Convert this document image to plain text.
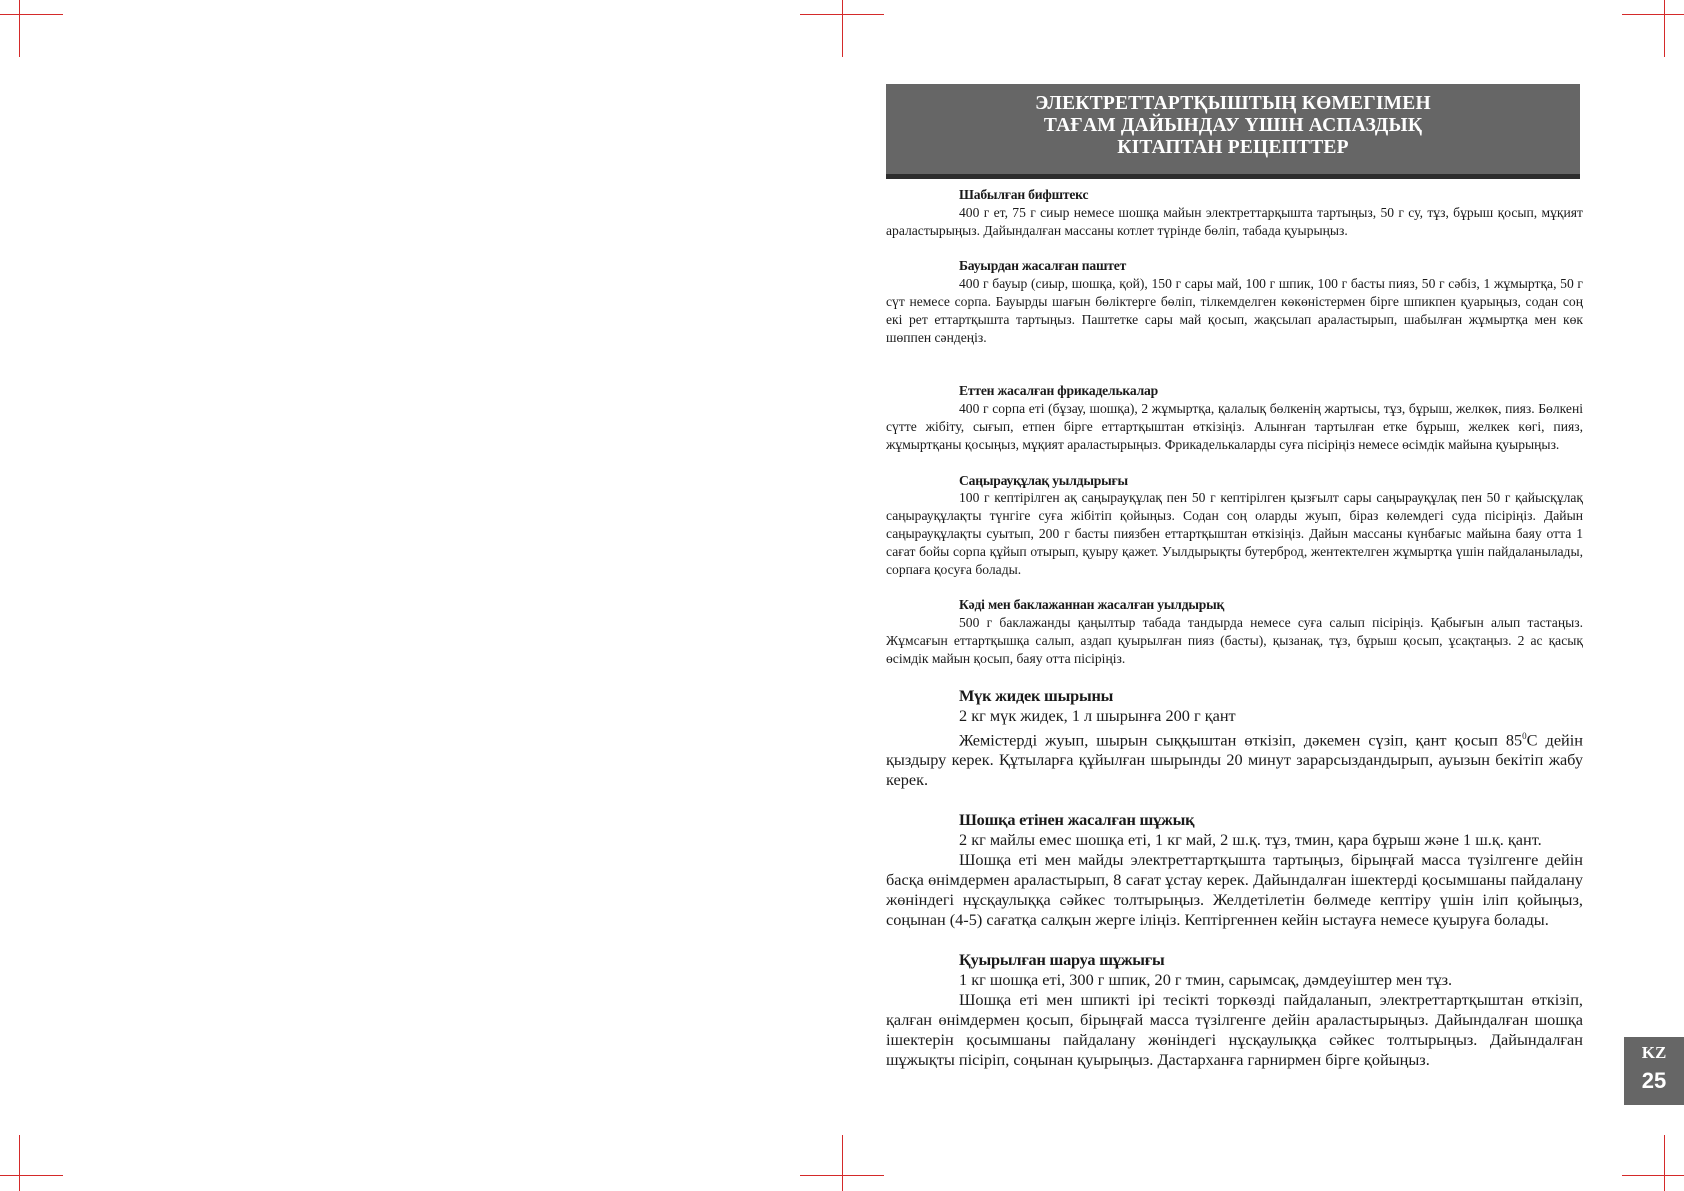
ЭЛЕКТРЕТТАРТҚЫШТЫҢ КӨМЕГІМЕН
ТАҒАМ ДАЙЫНДАУ ҮШІН АСПАЗДЫҚ
КІТАПТАН РЕЦЕПТТЕР
Шабылған бифштекс

400 г ет, 75 г сиыр немесе шошқа майын электреттарқышта тартыңыз, 50 г су, тұз, бұрыш қосып, мұқият араластырыңыз. Дайындалған массаны котлет түрінде бөліп, табада қуырыңыз.

Бауырдан жасалған паштет

400 г бауыр (сиыр, шошқа, қой), 150 г сары май, 100 г шпик, 100 г басты пияз, 50 г сәбіз, 1 жұмыртқа, 50 г сүт немесе сорпа. Бауырды шағын бөліктерге бөліп, тілкемделген көкөністермен бірге шпикпен қуарыңыз, содан соң екі рет еттартқышта тартыңыз. Паштетке сары май қосып, жақсылап араластырып, шабылған жұмыртқа мен көк шөппен сәндеңіз.

Еттен жасалған фрикаделькалар

400 г сорпа еті (бұзау, шошқа), 2 жұмыртқа, қалалық бөлкенің жартысы, тұз, бұрыш, желкөк, пияз. Бөлкені сүтте жібіту, сығып, етпен бірге еттартқыштан өткізіңіз. Алынған тартылған етке бұрыш, желкек көгі, пияз, жұмыртқаны қосыңыз, мұқият араластырыңыз. Фрикаделькаларды суға пісіріңіз немесе өсімдік майына қуырыңыз.

Саңырауқұлақ уылдырығы

100 г кептірілген ақ саңырауқұлақ пен 50 г кептірілген қызғылт сары саңырауқұлақ пен 50 г қайысқұлақ саңырауқұлақты түнгіге суға жібітіп қойыңыз. Содан соң оларды жуып, біраз көлемдегі суда пісіріңіз. Дайын саңырауқұлақты суытып, 200 г басты пиязбен еттартқыштан өткізіңіз. Дайын массаны күнбағыс майына баяу отта 1 сағат бойы сорпа құйып отырып, қуыру қажет. Уылдырықты бутерброд, жентектелген жұмыртқа үшін пайдаланылады, сорпаға қосуға болады.

Кәді мен баклажаннан жасалған уылдырық

500 г баклажанды қаңылтыр табада тандырда немесе суға салып пісіріңіз. Қабығын алып тастаңыз. Жұмсағын еттартқышқа салып, аздап қуырылған пияз (басты), қызанақ, тұз, бұрыш қосып, ұсақтаңыз. 2 ас қасық өсімдік майын қосып, баяу отта пісіріңіз.

Мүк жидек шырыны
2 кг мүк жидек, 1 л шырынға 200 г қант

Жемістерді жуып, шырын сыққыштан өткізіп, дәкемен сүзіп, қант қосып $85^0С$ дейін қыздыру керек. Құтыларға құйылған шырынды 20 минут зарарсыздандырып, ауызын бекітіп жабу керек.

Шошқа етінен жасалған шұжық
2 кг майлы емес шошқа еті, 1 кг май, 2 ш.қ. тұз, тмин, қара бұрыш және 1 ш.қ. қант.

Шошқа еті мен майды электреттартқышта тартыңыз, бірыңғай масса түзілгенге дейін басқа өнімдермен араластырып, 8 сағат ұстау керек. Дайындалған ішектерді қосымшаны пайдалану жөніндегі нұсқаулыққа сәйкес толтырыңыз. Желдетілетін бөлмеде кептіру үшін іліп қойыңыз, соңынан (4-5) сағатқа салқын жерге іліңіз. Кептіргеннен кейін ыстауға немесе қуыруға болады.

Қуырылған шаруа шұжығы
1 кг шошқа еті, 300 г шпик, 20 г тмин, сарымсақ, дәмдеуіштер мен тұз.

Шошқа еті мен шпикті ірі тесікті торкөзді пайдаланып, электреттартқыштан өткізіп, қалған өнімдермен қосып, бірыңғай масса түзілгенге дейін араластырыңыз. Дайындалған шошқа ішектерін қосымшаны пайдалану жөніндегі нұсқаулыққа сәйкес толтырыңыз. Дайындалған шұжықты пісіріп, соңынан қуырыңыз. Дастарханға гарнирмен бірге қойыңыз.	KZ
25
